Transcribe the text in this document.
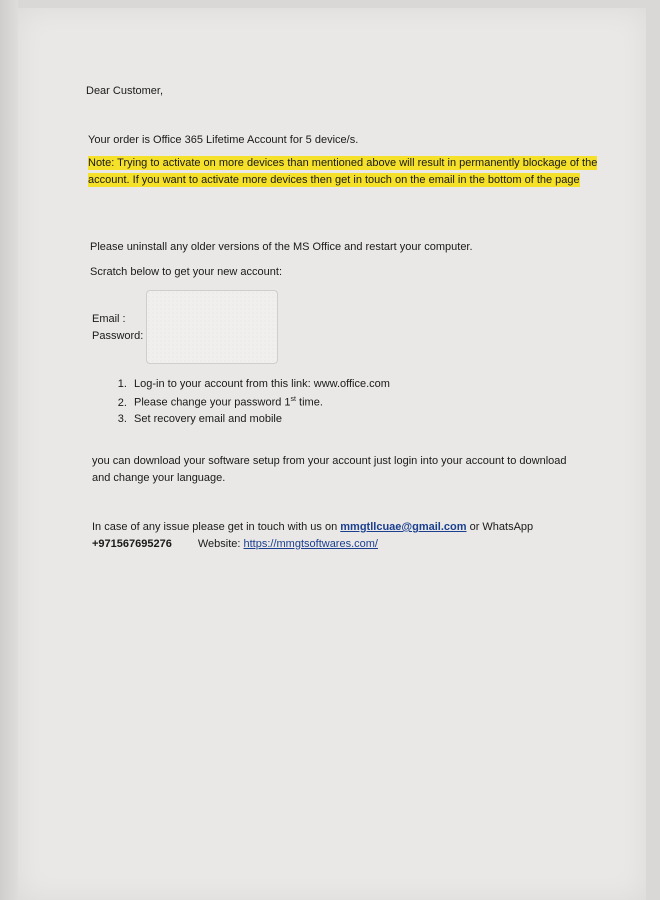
Dear Customer,
Your order is Office 365 Lifetime Account for 5 device/s.
Note: Trying to activate on more devices than mentioned above will result in permanently blockage of the account. If you want to activate more devices then get in touch on the email in the bottom of the page
Please uninstall any older versions of the MS Office and restart your computer.
Scratch below to get your new account:
Email :
Password:
1. Log-in to your account from this link: www.office.com
2. Please change your password 1st time.
3. Set recovery email and mobile
you can download your software setup from your account just login into your account to download and change your language.
In case of any issue please get in touch with us on mmgtllcuae@gmail.com or WhatsApp
+971567695276 Website: https://mmgtsoftwares.com/
